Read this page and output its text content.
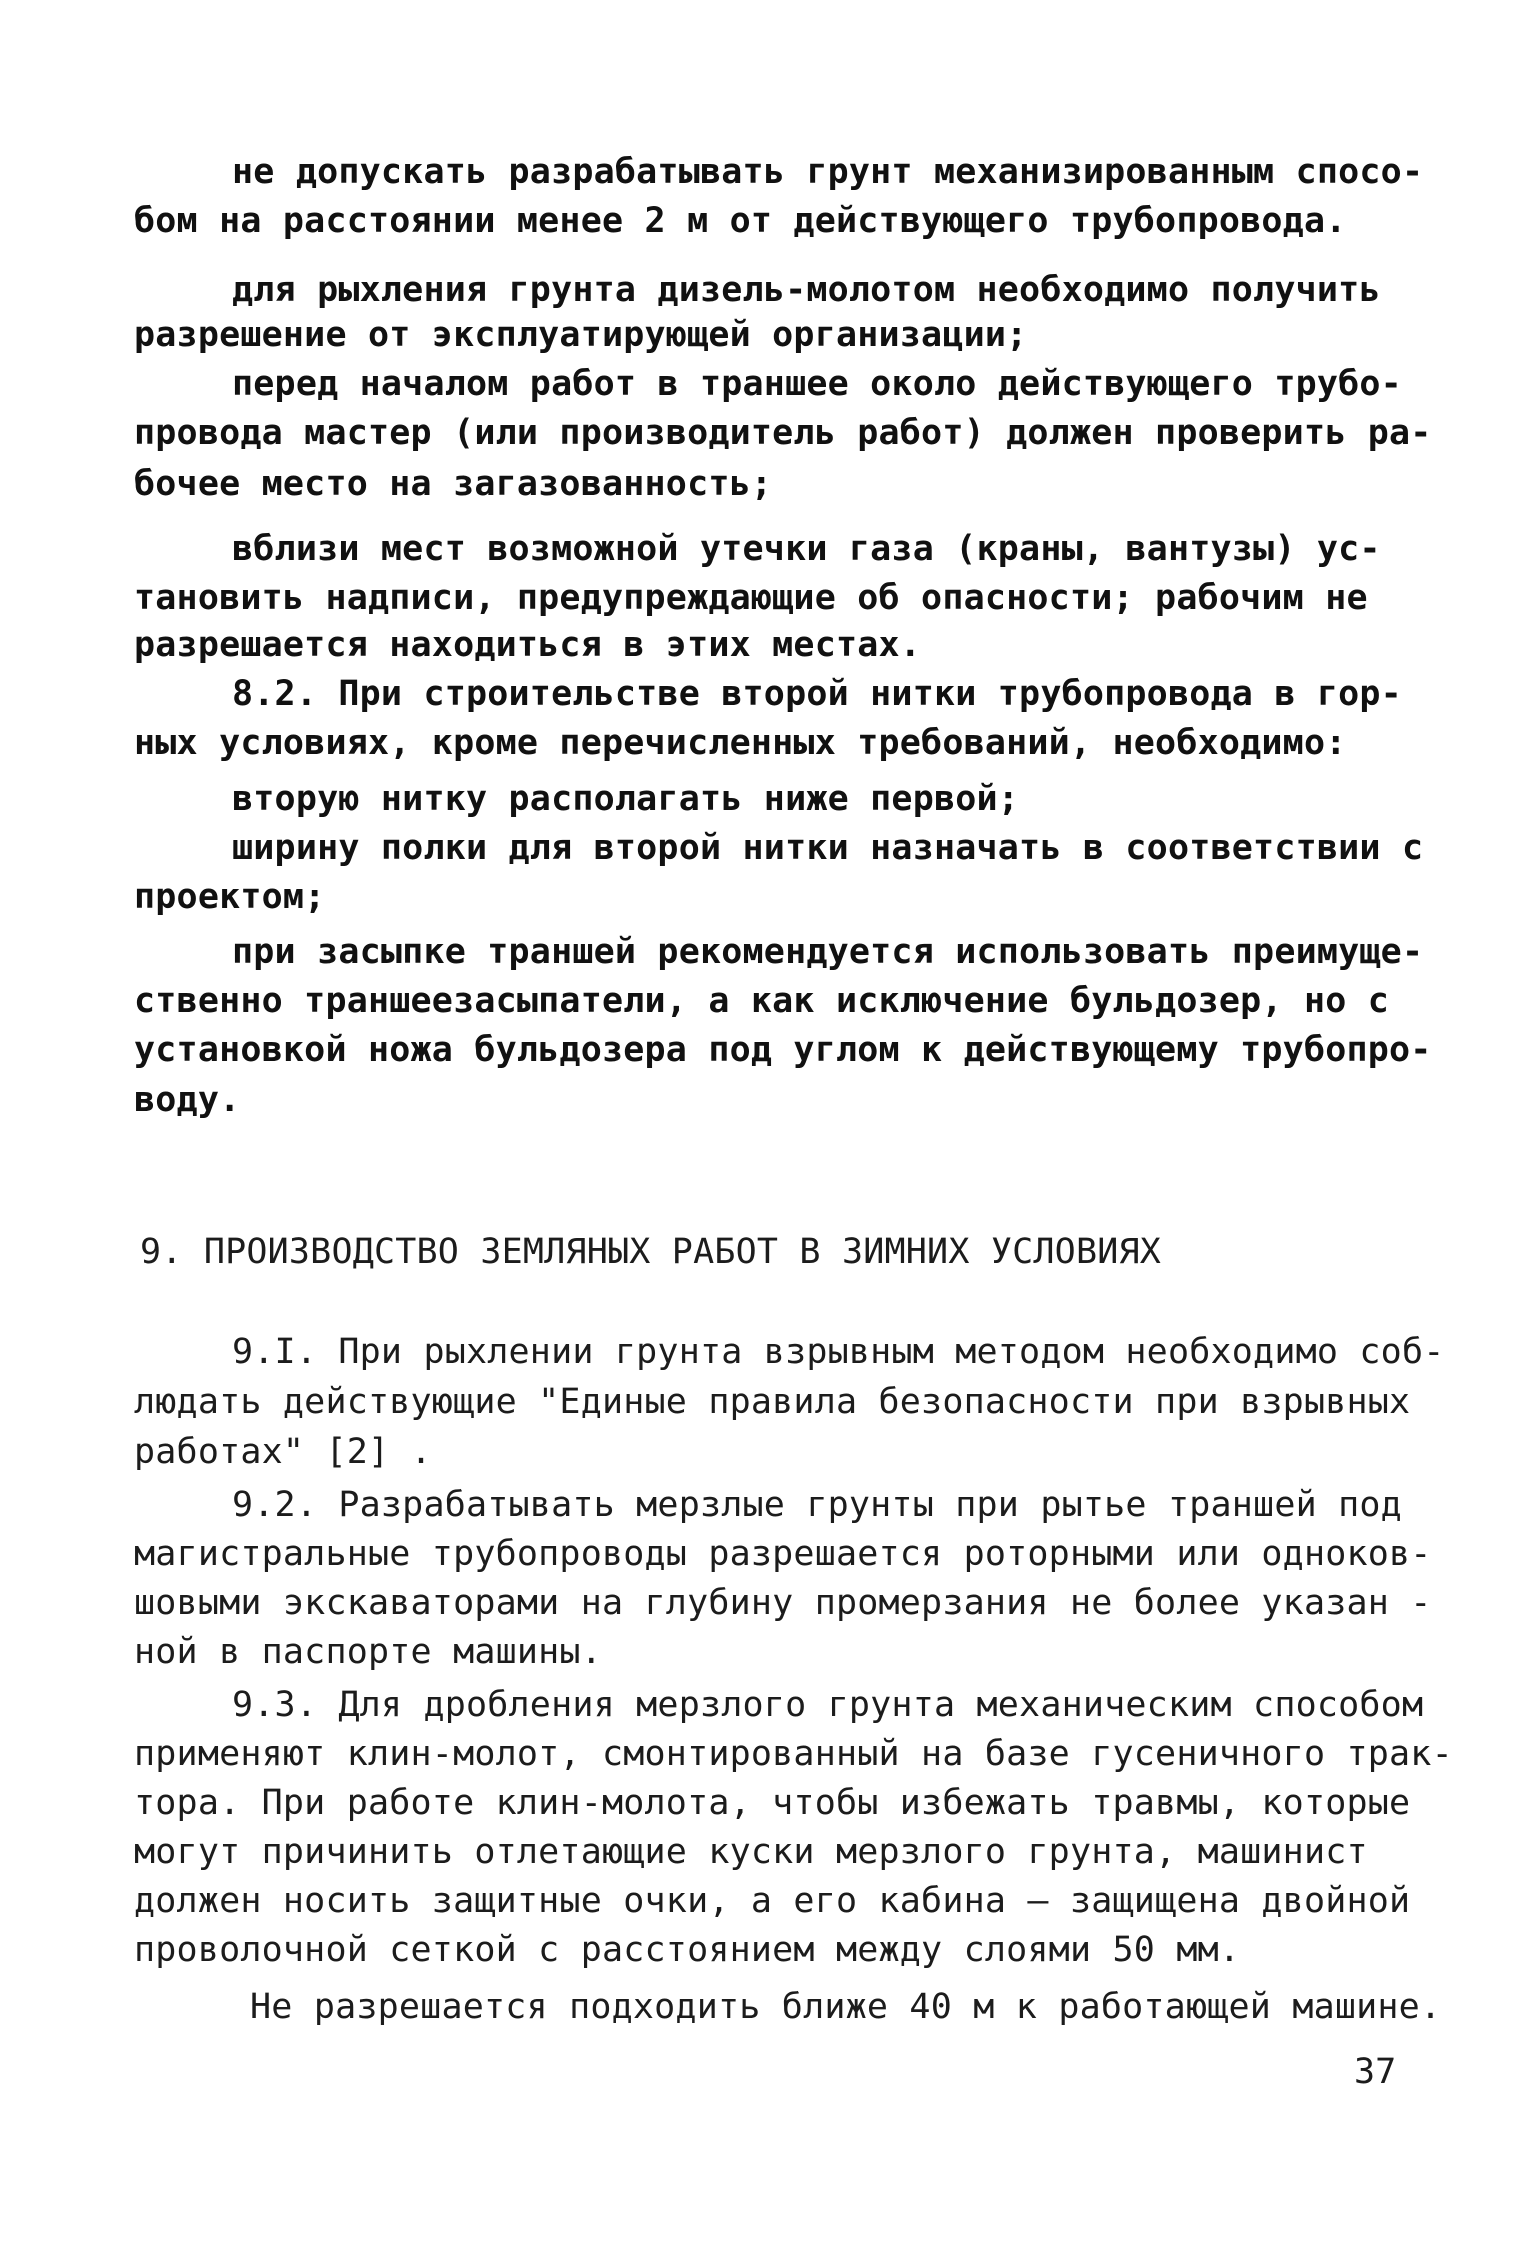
не допускать разрабатывать грунт механизированным спосо-
бом на расстоянии менее 2 м от действующего трубопровода.
для рыхления грунта дизель-молотом необходимо получить
разрешение от эксплуатирующей организации;
перед началом работ в траншее около действующего трубо-
провода мастер (или производитель работ) должен проверить ра-
бочее место на загазованность;
вблизи мест возможной утечки газа (краны, вантузы) ус-
тановить надписи, предупреждающие об опасности; рабочим не
разрешается находиться в этих местах.
8.2. При строительстве второй нитки трубопровода в гор-
ных условиях, кроме перечисленных требований, необходимо:
вторую нитку располагать ниже первой;
ширину полки для второй нитки назначать в соответствии с
проектом;
при засыпке траншей рекомендуется использовать преимуще-
ственно траншеезасыпатели, а как исключение бульдозер, но с
установкой ножа бульдозера под углом к действующему трубопро-
воду.
9. ПРОИЗВОДСТВО ЗЕМЛЯНЫХ РАБОТ В ЗИМНИХ УСЛОВИЯХ
9.I. При рыхлении грунта взрывным методом необходимо соб-
людать действующие "Единые правила безопасности при взрывных
работах" [2] .
9.2. Разрабатывать мерзлые грунты при рытье траншей под
магистральные трубопроводы разрешается роторными или одноков-
шовыми экскаваторами на глубину промерзания не более указан -
ной в паспорте машины.
9.3. Для дробления мерзлого грунта механическим способом
применяют клин-молот, смонтированный на базе гусеничного трак-
тора. При работе клин-молота, чтобы избежать травмы, которые
могут причинить отлетающие куски мерзлого грунта, машинист
должен носить защитные очки, а его кабина – защищена двойной
проволочной сеткой с расстоянием между слоями 50 мм.
Не разрешается подходить ближе 40 м к работающей машине.
37
